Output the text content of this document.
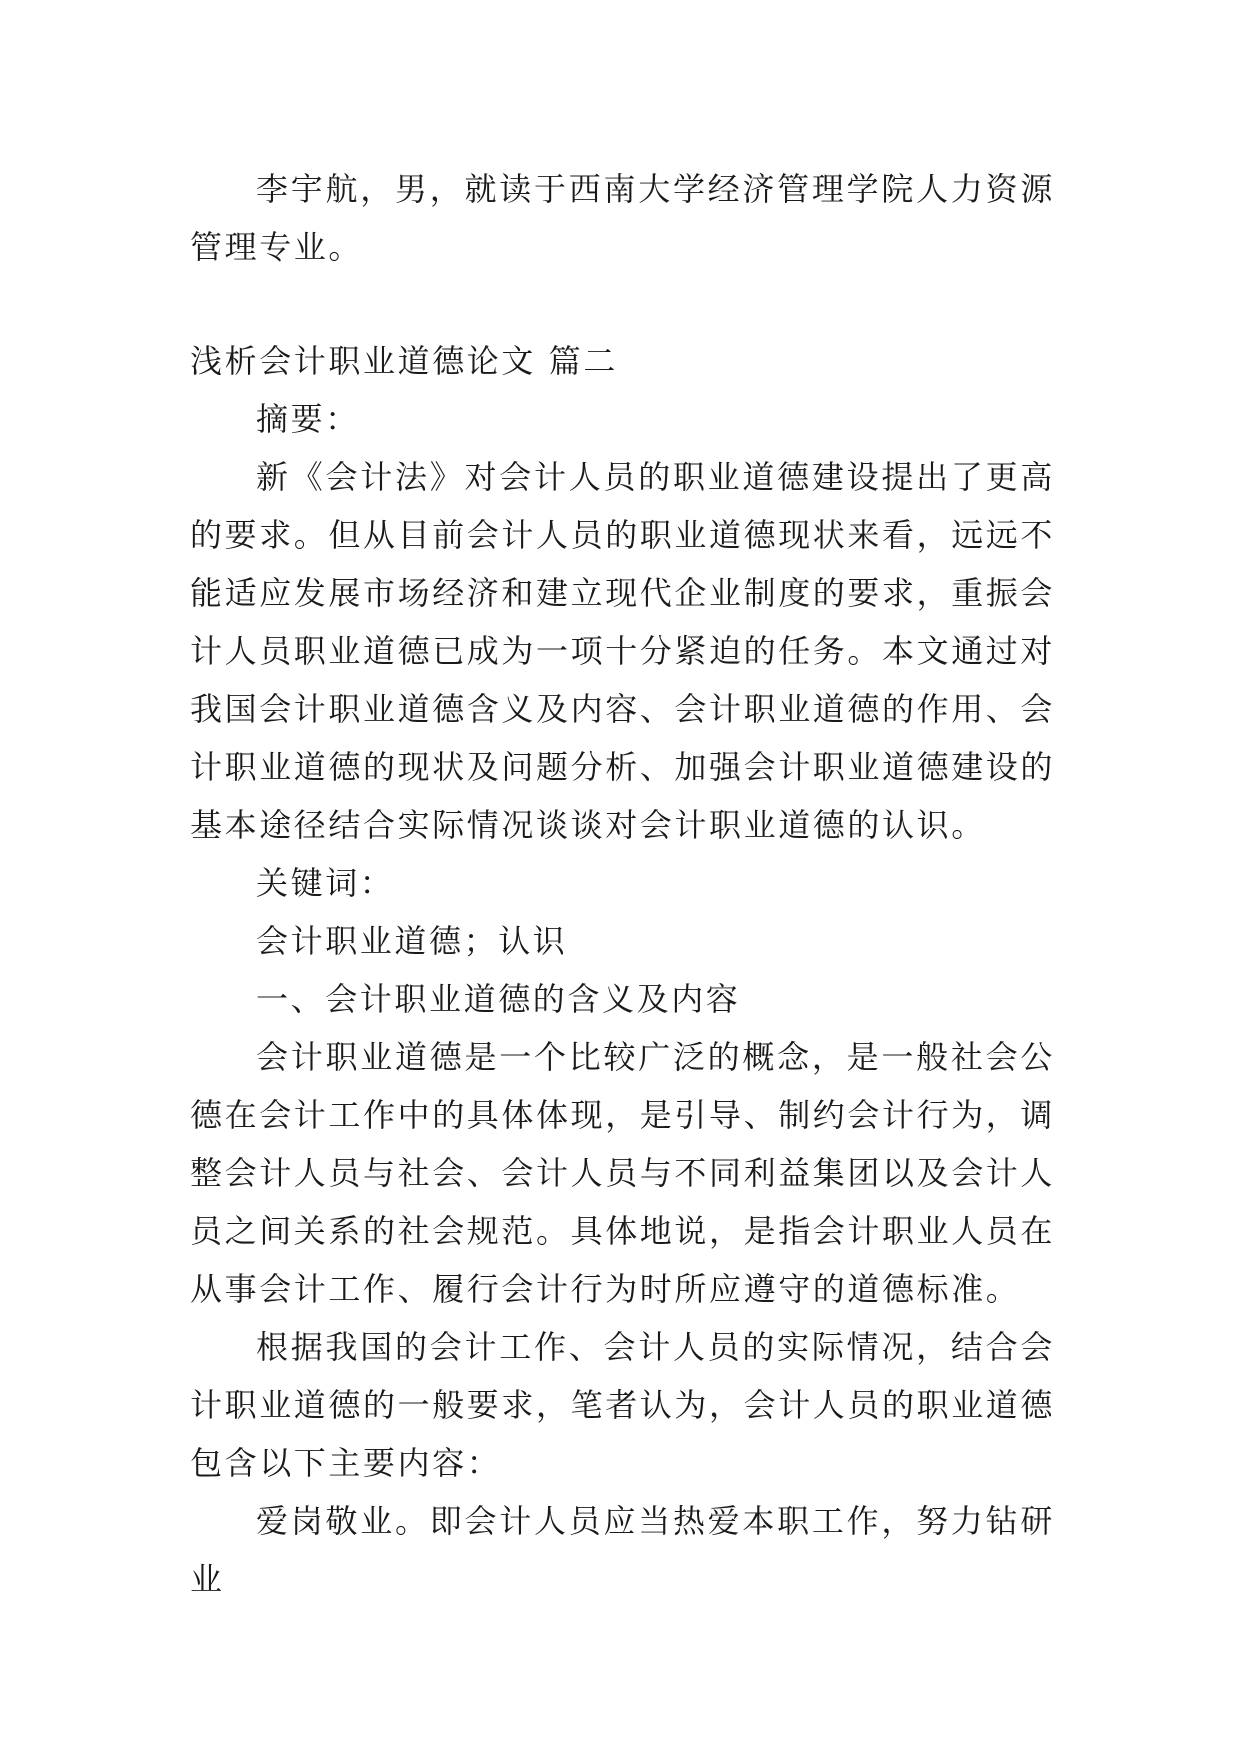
李宇航，男，就读于西南大学经济管理学院人力资源管理专业。

浅析会计职业道德论文 篇二

摘要：

新《会计法》对会计人员的职业道德建设提出了更高的要求。但从目前会计人员的职业道德现状来看，远远不能适应发展市场经济和建立现代企业制度的要求，重振会计人员职业道德已成为一项十分紧迫的任务。本文通过对我国会计职业道德含义及内容、会计职业道德的作用、会计职业道德的现状及问题分析、加强会计职业道德建设的基本途径结合实际情况谈谈对会计职业道德的认识。

关键词：

会计职业道德；认识

一、会计职业道德的含义及内容

会计职业道德是一个比较广泛的概念，是一般社会公德在会计工作中的具体体现，是引导、制约会计行为，调整会计人员与社会、会计人员与不同利益集团以及会计人员之间关系的社会规范。具体地说，是指会计职业人员在从事会计工作、履行会计行为时所应遵守的道德标准。

根据我国的会计工作、会计人员的实际情况，结合会计职业道德的一般要求，笔者认为，会计人员的职业道德包含以下主要内容：

爱岗敬业。即会计人员应当热爱本职工作，努力钻研业
